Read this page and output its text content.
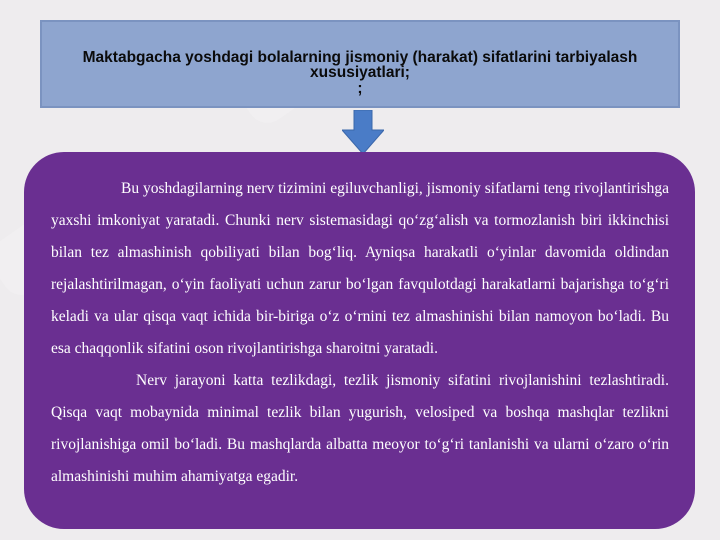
Maktabgacha yoshdagi bolalarning jismoniy (harakat) sifatlarini tarbiyalash xususiyatlari;
;

Bu yoshdagilarning nerv tizimini egiluvchanligi, jismoniy sifatlarni teng rivojlantirishga yaxshi imkoniyat yaratadi. Chunki nerv sistemasidagi qo‘zg‘alish va tormozlanish biri ikkinchisi bilan tez almashinish qobiliyati bilan bog‘liq. Ayniqsa harakatli o‘yinlar davomida oldindan rejalashtirilmagan, o‘yin faoliyati uchun zarur bo‘lgan favqulotdagi harakatlarni bajarishga to‘g‘ri keladi va ular qisqa vaqt ichida bir-biriga o‘z o‘rnini tez almashinishi bilan namoyon bo‘ladi. Bu esa chaqqonlik sifatini oson rivojlantirishga sharoitni yaratadi.

Nerv jarayoni katta tezlikdagi, tezlik jismoniy sifatini rivojlanishini tezlashtiradi. Qisqa vaqt mobaynida minimal tezlik bilan yugurish, velosiped va boshqa mashqlar tezlikni rivojlanishiga omil bo‘ladi. Bu mashqlarda albatta meoyor to‘g‘ri tanlanishi va ularni o‘zaro o‘rin almashinishi muhim ahamiyatga egadir.
